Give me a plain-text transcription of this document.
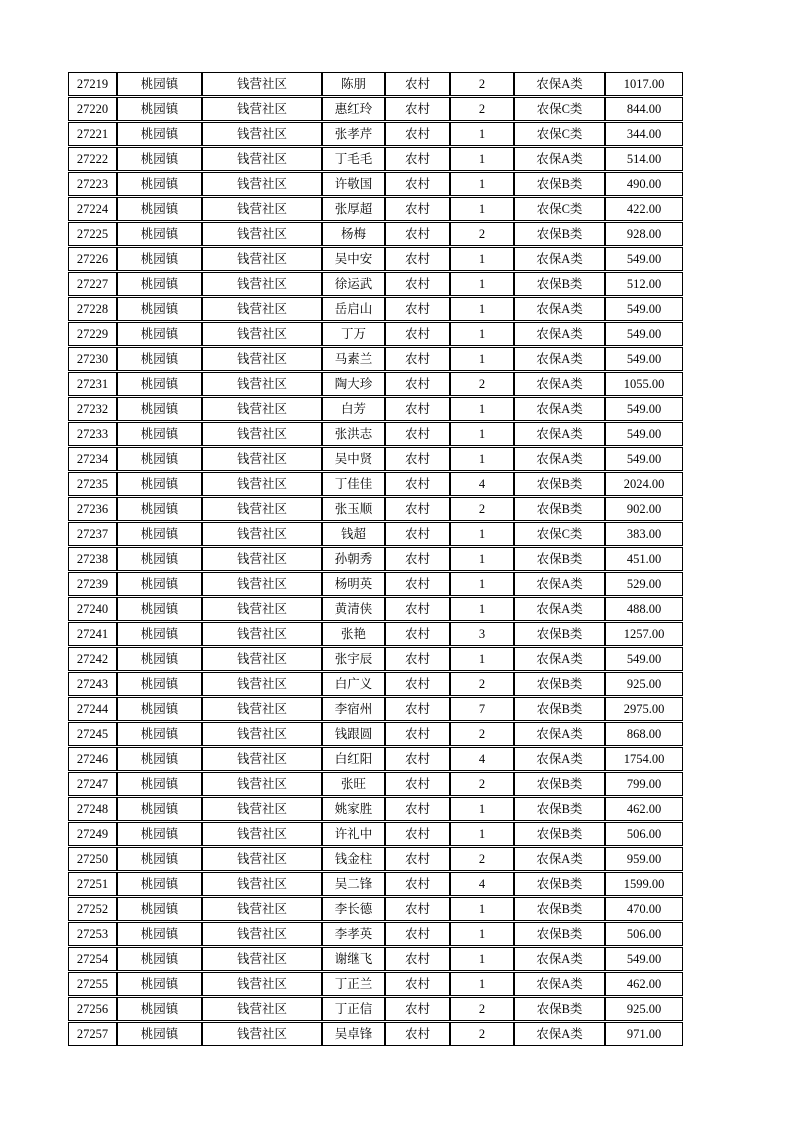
27219	桃园镇	钱营社区	陈朋	农村	2	农保A类	1017.00
27220	桃园镇	钱营社区	惠红玲	农村	2	农保C类	844.00
27221	桃园镇	钱营社区	张孝芹	农村	1	农保C类	344.00
27222	桃园镇	钱营社区	丁毛毛	农村	1	农保A类	514.00
27223	桃园镇	钱营社区	许敬国	农村	1	农保B类	490.00
27224	桃园镇	钱营社区	张厚超	农村	1	农保C类	422.00
27225	桃园镇	钱营社区	杨梅	农村	2	农保B类	928.00
27226	桃园镇	钱营社区	吴中安	农村	1	农保A类	549.00
27227	桃园镇	钱营社区	徐运武	农村	1	农保B类	512.00
27228	桃园镇	钱营社区	岳启山	农村	1	农保A类	549.00
27229	桃园镇	钱营社区	丁万	农村	1	农保A类	549.00
27230	桃园镇	钱营社区	马素兰	农村	1	农保A类	549.00
27231	桃园镇	钱营社区	陶大珍	农村	2	农保A类	1055.00
27232	桃园镇	钱营社区	白芳	农村	1	农保A类	549.00
27233	桃园镇	钱营社区	张洪志	农村	1	农保A类	549.00
27234	桃园镇	钱营社区	吴中贤	农村	1	农保A类	549.00
27235	桃园镇	钱营社区	丁佳佳	农村	4	农保B类	2024.00
27236	桃园镇	钱营社区	张玉顺	农村	2	农保B类	902.00
27237	桃园镇	钱营社区	钱超	农村	1	农保C类	383.00
27238	桃园镇	钱营社区	孙朝秀	农村	1	农保B类	451.00
27239	桃园镇	钱营社区	杨明英	农村	1	农保A类	529.00
27240	桃园镇	钱营社区	黄清侠	农村	1	农保A类	488.00
27241	桃园镇	钱营社区	张艳	农村	3	农保B类	1257.00
27242	桃园镇	钱营社区	张宇辰	农村	1	农保A类	549.00
27243	桃园镇	钱营社区	白广义	农村	2	农保B类	925.00
27244	桃园镇	钱营社区	李宿州	农村	7	农保B类	2975.00
27245	桃园镇	钱营社区	钱跟圆	农村	2	农保A类	868.00
27246	桃园镇	钱营社区	白红阳	农村	4	农保A类	1754.00
27247	桃园镇	钱营社区	张旺	农村	2	农保B类	799.00
27248	桃园镇	钱营社区	姚家胜	农村	1	农保B类	462.00
27249	桃园镇	钱营社区	许礼中	农村	1	农保B类	506.00
27250	桃园镇	钱营社区	钱金柱	农村	2	农保A类	959.00
27251	桃园镇	钱营社区	吴二锋	农村	4	农保B类	1599.00
27252	桃园镇	钱营社区	李长德	农村	1	农保B类	470.00
27253	桃园镇	钱营社区	李孝英	农村	1	农保B类	506.00
27254	桃园镇	钱营社区	谢继飞	农村	1	农保A类	549.00
27255	桃园镇	钱营社区	丁正兰	农村	1	农保A类	462.00
27256	桃园镇	钱营社区	丁正信	农村	2	农保B类	925.00
27257	桃园镇	钱营社区	吴卓锋	农村	2	农保A类	971.00
